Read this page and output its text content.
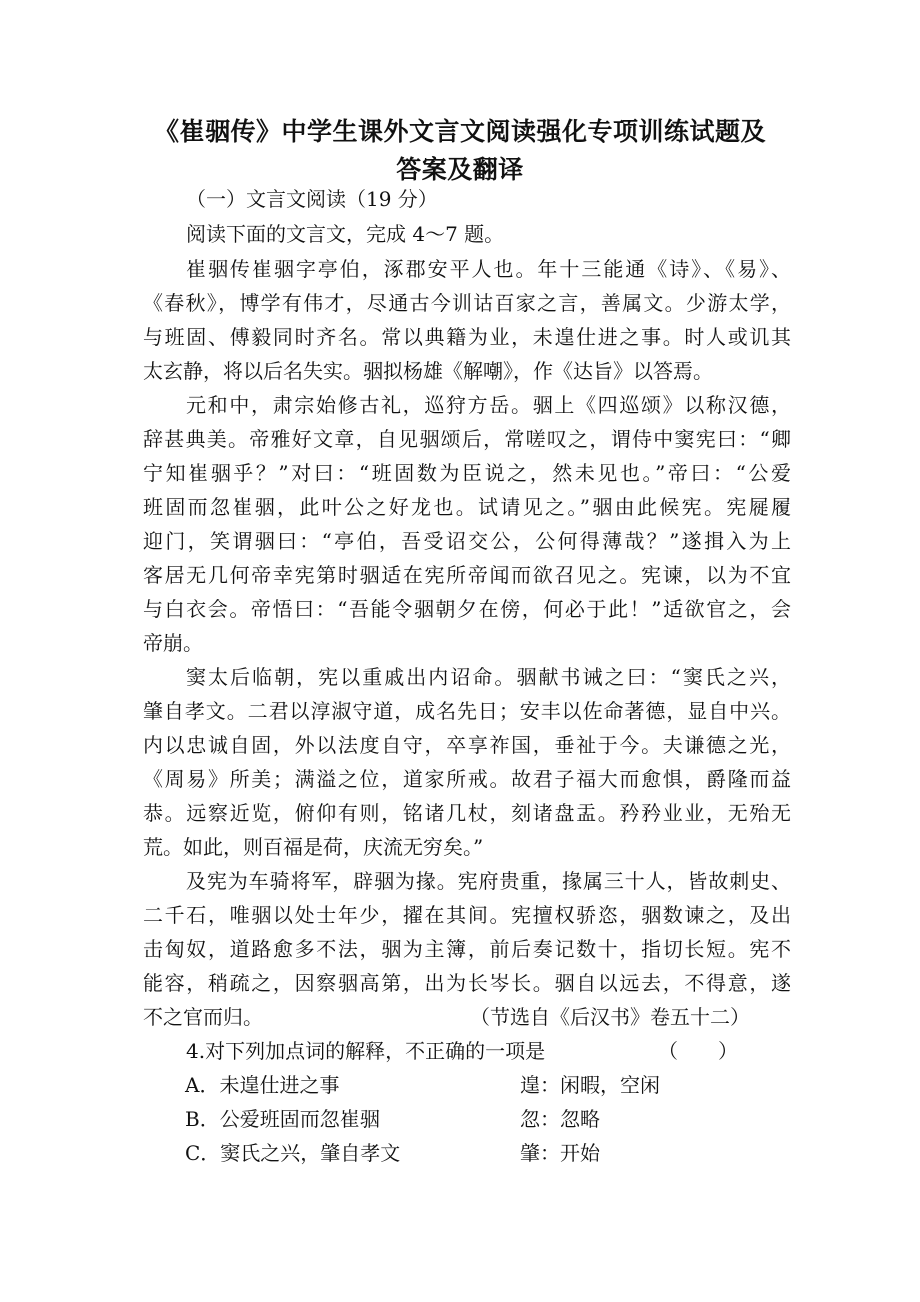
《崔骃传》中学生课外文言文阅读强化专项训练试题及
答案及翻译
（一）文言文阅读（19 分）
阅读下面的文言文，完成 4～7 题。
崔骃传崔骃字亭伯，涿郡安平人也。年十三能通《诗》、《易》、
《春秋》，博学有伟才，尽通古今训诂百家之言，善属文。少游太学，
与班固、傅毅同时齐名。常以典籍为业，未遑仕进之事。时人或讥其
太玄静，将以后名失实。骃拟杨雄《解嘲》，作《达旨》以答焉。
元和中，肃宗始修古礼，巡狩方岳。骃上《四巡颂》以称汉德，
辞甚典美。帝雅好文章，自见骃颂后，常嗟叹之，谓侍中窦宪曰：“卿
宁知崔骃乎？”对曰：“班固数为臣说之，然未见也。”帝曰：“公爱
班固而忽崔骃，此叶公之好龙也。试请见之。”骃由此候宪。宪屣履
迎门，笑谓骃曰：“亭伯，吾受诏交公，公何得薄哉？”遂揖入为上
客居无几何帝幸宪第时骃适在宪所帝闻而欲召见之。宪谏，以为不宜
与白衣会。帝悟曰：“吾能令骃朝夕在傍，何必于此！”适欲官之，会
帝崩。
窦太后临朝，宪以重戚出内诏命。骃献书诫之曰：“窦氏之兴，
肇自孝文。二君以淳淑守道，成名先日；安丰以佐命著德，显自中兴。
内以忠诚自固，外以法度自守，卒享祚国，垂祉于今。夫谦德之光，
《周易》所美；满溢之位，道家所戒。故君子福大而愈惧，爵隆而益
恭。远察近览，俯仰有则，铭诸几杖，刻诸盘盂。矜矜业业，无殆无
荒。如此，则百福是荷，庆流无穷矣。”
及宪为车骑将军，辟骃为掾。宪府贵重，掾属三十人，皆故刺史、
二千石，唯骃以处士年少，擢在其间。宪擅权骄恣，骃数谏之，及出
击匈奴，道路愈多不法，骃为主簿，前后奏记数十，指切长短。宪不
能容，稍疏之，因察骃高第，出为长岑长。骃自以远去，不得意，遂
不之官而归。	（节选自《后汉书》卷五十二）
4.对下列加点词的解释，不正确的一项是	（　　）
A．未遑仕进之事	遑：闲暇，空闲
B．公爱班固而忽崔骃	忽：忽略
C．窦氏之兴，肇自孝文	肇：开始
